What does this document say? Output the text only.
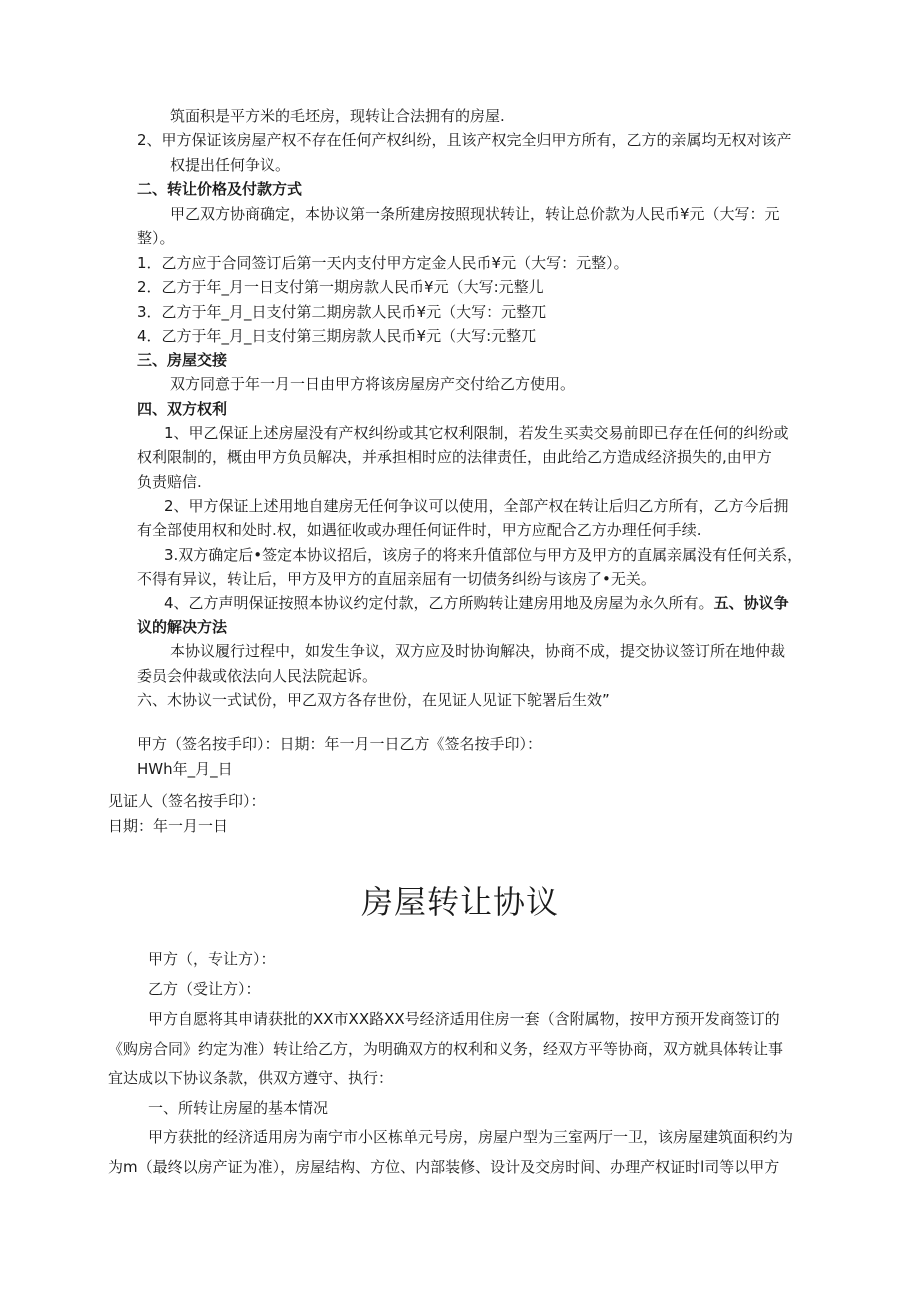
筑面积是平方米的毛坯房，现转让合法拥有的房屋.
2、甲方保证该房屋产权不存在任何产权纠纷，且该产权完全归甲方所有，乙方的亲属均无权对该产
权提出任何争议。
二、转让价格及付款方式
甲乙双方协商确定，本协议第一条所建房按照现状转让，转让总价款为人民币¥元（大写：元
整）。
1．乙方应于合同签订后第一天内支付甲方定金人民币¥元（大写：元整）。
2．乙方于年_月一日支付第一期房款人民币¥元（大写:元整儿
3．乙方于年_月_日支付第二期房款人民币¥元（大写：元整兀
4．乙方于年_月_日支付第三期房款人民币¥元（大写:元整兀
三、房屋交接
双方同意于年一月一日由甲方将该房屋房产交付给乙方使用。
四、双方权利
1、甲乙保证上述房屋没有产权纠纷或其它权利限制，若发生买卖交易前即已存在任何的纠纷或
权利限制的，概由甲方负员解决，并承担相时应的法律责任，由此给乙方造成经济损失的,由甲方
负责赔信.
2、甲方保证上述用地自建房无任何争议可以使用，全部产权在转让后归乙方所有，乙方今后拥
有全部使用权和处时.权，如遇征收或办理任何证件时，甲方应配合乙方办理任何手续.
3.双方确定后•签定本协议招后，该房子的将来升值部位与甲方及甲方的直属亲属没有任何关系，
不得有异议，转让后，甲方及甲方的直屈亲屈有一切债务纠纷与该房了•无关。
4、乙方声明保证按照本协议约定付款，乙方所购转让建房用地及房屋为永久所有。五、协议争
议的解决方法
本协议履行过程中，如发生争议，双方应及时协询解决，协商不成，提交协议签订所在地仲裁
委员会仲裁或依法向人民法院起诉。
六、木协议一式试份，甲乙双方各存世份，在见证人见证下鸵署后生效”
甲方（签名按手印）：日期：年一月一日乙方《签名按手印）：
HWh年_月_日
见证人（签名按手印）：
日期：年一月一日
房屋转让协议
甲方（，专让方）：
乙方（受让方）：
甲方自愿将其申请获批的XX市XX路XX号经济适用住房一套（含附属物，按甲方预开发商签订的
《购房合同》约定为准）转让给乙方，为明确双方的权利和义务，经双方平等协商，双方就具体转让事
宜达成以下协议条款，供双方遵守、执行：
一、所转让房屋的基本情况
甲方获批的经济适用房为南宁市小区栋单元号房，房屋户型为三室两厅一卫，该房屋建筑面积约为
为m（最终以房产证为准），房屋结构、方位、内部装修、设计及交房时间、办理产权证时l司等以甲方
